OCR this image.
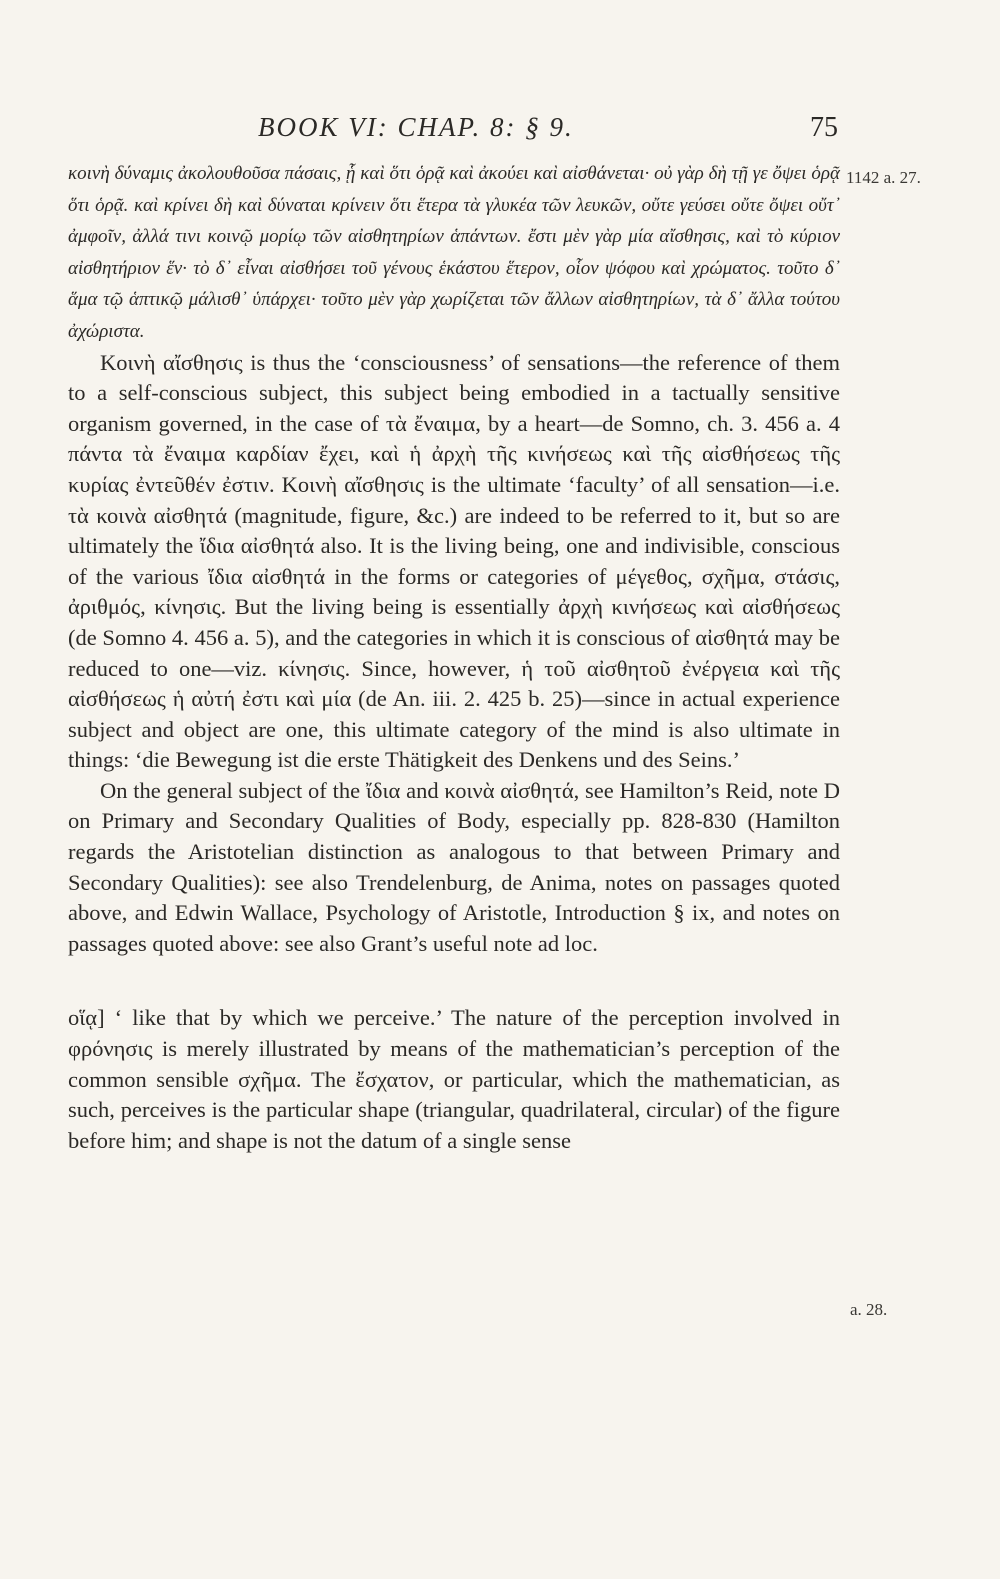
BOOK VI: CHAP. 8: § 9.	75
1142 a. 27.
a. 28.

κοινὴ δύναμις ἀκολουθοῦσα πάσαις, ᾗ καὶ ὅτι ὁρᾷ καὶ ἀκούει καὶ αἰσθάνεται· οὐ γὰρ δὴ τῇ γε ὄψει ὁρᾷ ὅτι ὁρᾷ. καὶ κρίνει δὴ καὶ δύναται κρίνειν ὅτι ἕτερα τὰ γλυκέα τῶν λευκῶν, οὔτε γεύσει οὔτε ὄψει οὔτ᾽ ἀμφοῖν, ἀλλά τινι κοινῷ μορίῳ τῶν αἰσθητηρίων ἁπάντων. ἔστι μὲν γὰρ μία αἴσθησις, καὶ τὸ κύριον αἰσθητήριον ἕν· τὸ δ᾽ εἶναι αἰσθήσει τοῦ γένους ἑκάστου ἕτερον, οἷον ψόφου καὶ χρώματος. τοῦτο δ᾽ ἅμα τῷ ἁπτικῷ μάλισθ᾽ ὑπάρχει· τοῦτο μὲν γὰρ χωρίζεται τῶν ἄλλων αἰσθητηρίων, τὰ δ᾽ ἄλλα τούτου ἀχώριστα.

Κοινὴ αἴσθησις is thus the ‘consciousness’ of sensations—the reference of them to a self-conscious subject, this subject being embodied in a tactually sensitive organism governed, in the case of τὰ ἔναιμα, by a heart—de Somno, ch. 3. 456 a. 4 πάντα τὰ ἔναιμα καρδίαν ἔχει, καὶ ἡ ἀρχὴ τῆς κινήσεως καὶ τῆς αἰσθήσεως τῆς κυρίας ἐντεῦθέν ἐστιν. Κοινὴ αἴσθησις is the ultimate ‘faculty’ of all sensation—i.e. τὰ κοινὰ αἰσθητά (magnitude, figure, &c.) are indeed to be referred to it, but so are ultimately the ἴδια αἰσθητά also. It is the living being, one and indivisible, conscious of the various ἴδια αἰσθητά in the forms or categories of μέγεθος, σχῆμα, στάσις, ἀριθμός, κίνησις. But the living being is essentially ἀρχὴ κινήσεως καὶ αἰσθήσεως (de Somno 4. 456 a. 5), and the categories in which it is conscious of αἰσθητά may be reduced to one—viz. κίνησις. Since, however, ἡ τοῦ αἰσθητοῦ ἐνέργεια καὶ τῆς αἰσθήσεως ἡ αὐτή ἐστι καὶ μία (de An. iii. 2. 425 b. 25)—since in actual experience subject and object are one, this ultimate category of the mind is also ultimate in things: ‘die Bewegung ist die erste Thätigkeit des Denkens und des Seins.’

On the general subject of the ἴδια and κοινὰ αἰσθητά, see Hamilton’s Reid, note D on Primary and Secondary Qualities of Body, especially pp. 828-830 (Hamilton regards the Aristotelian distinction as analogous to that between Primary and Secondary Qualities): see also Trendelenburg, de Anima, notes on passages quoted above, and Edwin Wallace, Psychology of Aristotle, Introduction § ix, and notes on passages quoted above: see also Grant’s useful note ad loc.

οἵᾳ] ‘ like that by which we perceive.’ The nature of the perception involved in φρόνησις is merely illustrated by means of the mathematician’s perception of the common sensible σχῆμα. The ἔσχατον, or particular, which the mathematician, as such, perceives is the particular shape (triangular, quadrilateral, circular) of the figure before him; and shape is not the datum of a single sense
